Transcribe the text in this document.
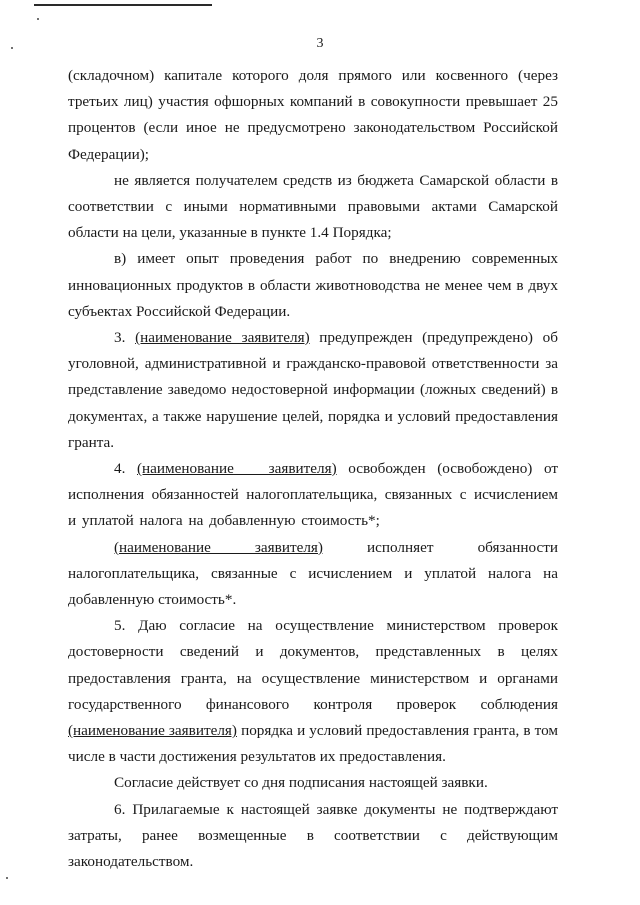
3

(складочном) капитале которого доля прямого или косвенного (через третьих лиц) участия офшорных компаний в совокупности превышает 25 процентов (если иное не предусмотрено законодательством Российской Федерации);

не является получателем средств из бюджета Самарской области в соответствии с иными нормативными правовыми актами Самарской области на цели, указанные в пункте 1.4 Порядка;

в) имеет опыт проведения работ по внедрению современных инновационных продуктов в области животноводства не менее чем в двух субъектах Российской Федерации.

3. (наименование заявителя) предупрежден (предупреждено) об уголовной, административной и гражданско-правовой ответственности за представление заведомо недостоверной информации (ложных сведений) в документах, а также нарушение целей, порядка и условий предоставления гранта.

4. (наименование   заявителя) освобожден (освобождено) от исполнения обязанностей налогоплательщика, связанных с исчислением и уплатой налога на добавленную стоимость*;

(наименование заявителя) исполняет обязанности налогоплательщика, связанные с исчислением и уплатой налога на добавленную стоимость*.

5. Даю согласие на осуществление министерством проверок достоверности сведений и документов, представленных в целях предоставления гранта, на осуществление министерством и органами государственного финансового контроля проверок соблюдения (наименование заявителя) порядка и условий предоставления гранта, в том числе в части достижения результатов их предоставления.

Согласие действует со дня подписания настоящей заявки.

6. Прилагаемые к настоящей заявке документы не подтверждают затраты, ранее возмещенные в соответствии с действующим законодательством.
